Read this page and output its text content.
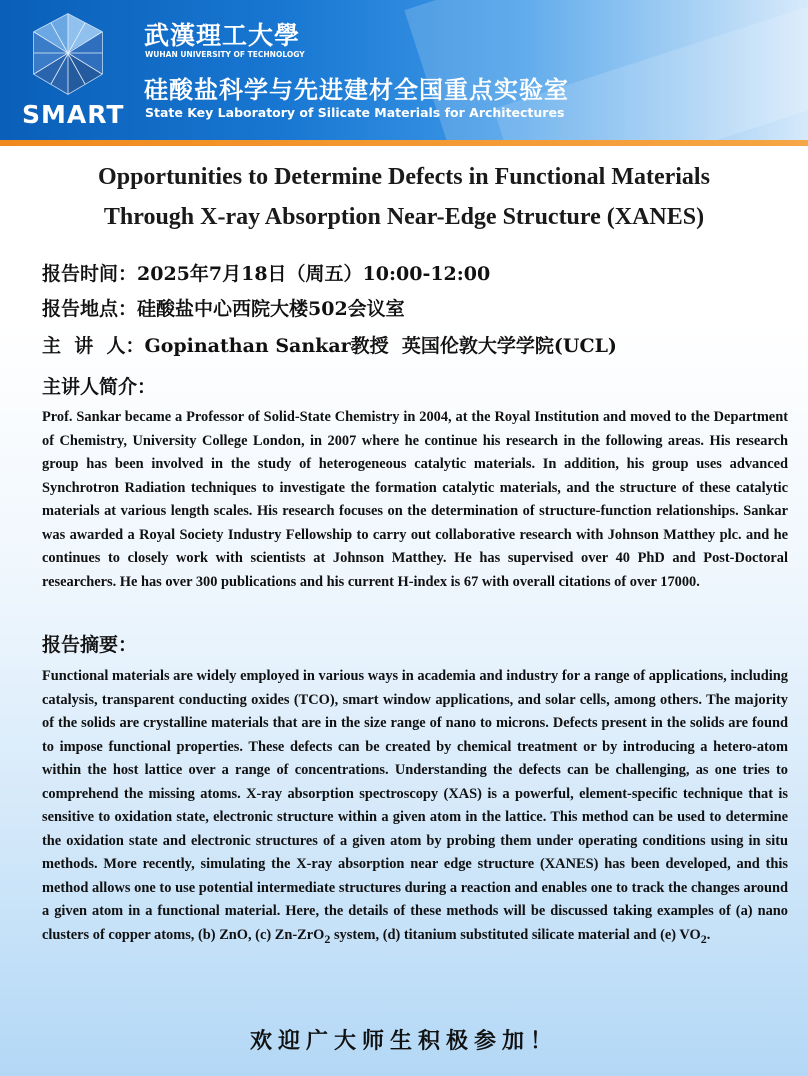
SMART
武漢理工大學
WUHAN UNIVERSITY OF TECHNOLOGY
硅酸盐科学与先进建材全国重点实验室
State Key Laboratory of Silicate Materials for Architectures
Opportunities to Determine Defects in Functional Materials
Through X-ray Absorption Near-Edge Structure (XANES)
报告时间：2025年7月18日（周五）10:00-12:00
报告地点：硅酸盐中心西院大楼502会议室
主  讲  人：Gopinathan Sankar教授  英国伦敦大学学院(UCL)
主讲人简介：
Prof. Sankar became a Professor of Solid-State Chemistry in 2004, at the Royal Institution and moved to the Department of Chemistry, University College London, in 2007 where he continue his research in the following areas. His research group has been involved in the study of heterogeneous catalytic materials. In addition, his group uses advanced Synchrotron Radiation techniques to investigate the formation catalytic materials, and the structure of these catalytic materials at various length scales. His research focuses on the determination of structure-function relationships. Sankar was awarded a Royal Society Industry Fellowship to carry out collaborative research with Johnson Matthey plc. and he continues to closely work with scientists at Johnson Matthey. He has supervised over 40 PhD and Post-Doctoral researchers. He has over 300 publications and his current H-index is 67 with overall citations of over 17000.
报告摘要：
Functional materials are widely employed in various ways in academia and industry for a range of applications, including catalysis, transparent conducting oxides (TCO), smart window applications, and solar cells, among others. The majority of the solids are crystalline materials that are in the size range of nano to microns. Defects present in the solids are found to impose functional properties. These defects can be created by chemical treatment or by introducing a hetero-atom within the host lattice over a range of concentrations. Understanding the defects can be challenging, as one tries to comprehend the missing atoms. X-ray absorption spectroscopy (XAS) is a powerful, element-specific technique that is sensitive to oxidation state, electronic structure within a given atom in the lattice. This method can be used to determine the oxidation state and electronic structures of a given atom by probing them under operating conditions using in situ methods. More recently, simulating the X-ray absorption near edge structure (XANES) has been developed, and this method allows one to use potential intermediate structures during a reaction and enables one to track the changes around a given atom in a functional material. Here, the details of these methods will be discussed taking examples of (a) nano clusters of copper atoms, (b) ZnO, (c) Zn-ZrO$_2$ system, (d) titanium substituted silicate material and (e) $VO_2$.
欢迎广大师生积极参加！
